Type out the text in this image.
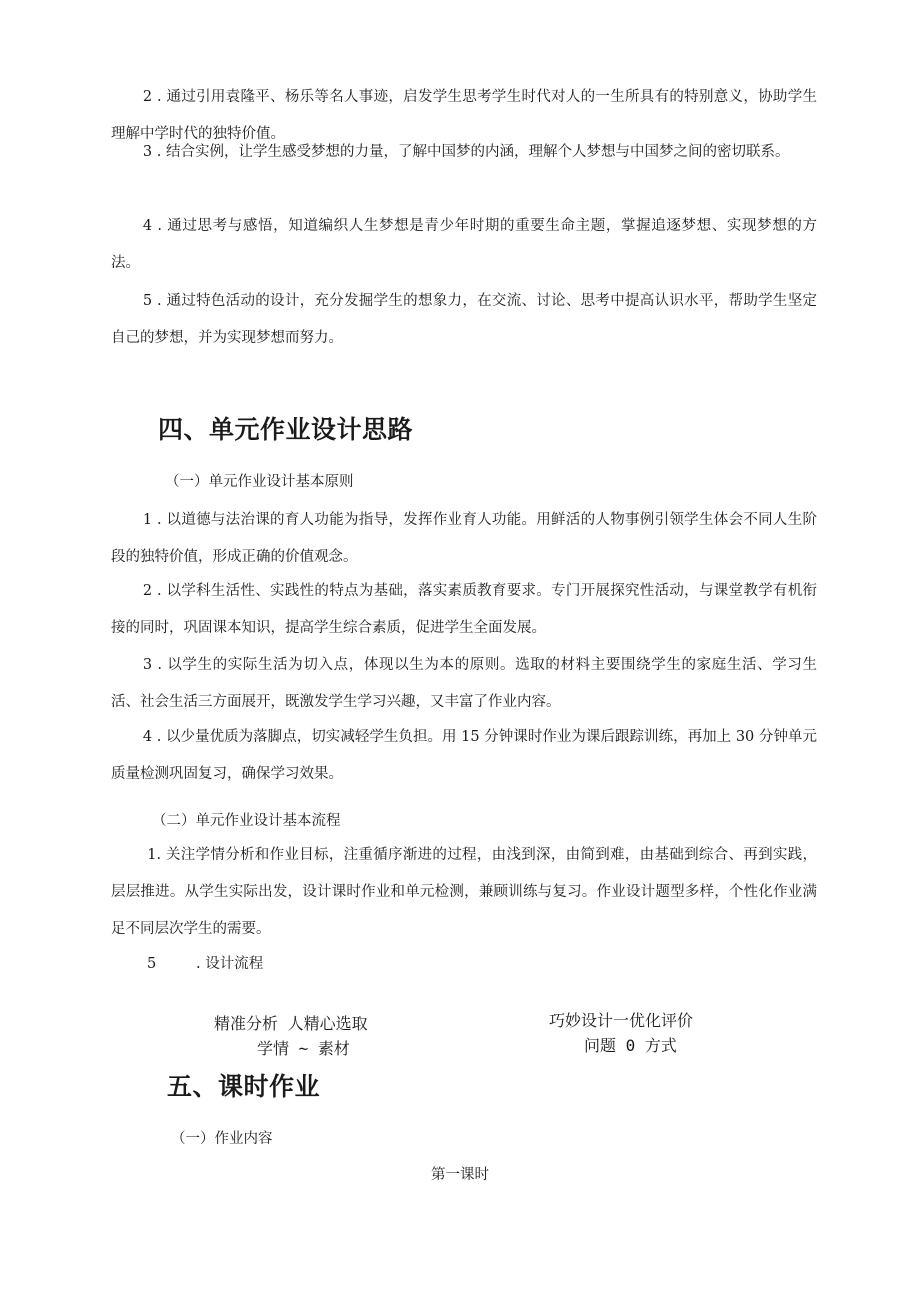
2 . 通过引用袁隆平、杨乐等名人事迹，启发学生思考学生时代对人的一生所具有的特别意义，协助学生理解中学时代的独特价值。

3 . 结合实例，让学生感受梦想的力量，了解中国梦的内涵，理解个人梦想与中国梦之间的密切联系。

4 . 通过思考与感悟，知道编织人生梦想是青少年时期的重要生命主题，掌握追逐梦想、实现梦想的方法。

5 . 通过特色活动的设计，充分发掘学生的想象力，在交流、讨论、思考中提高认识水平，帮助学生坚定自己的梦想，并为实现梦想而努力。

四、单元作业设计思路

（一）单元作业设计基本原则

1 . 以道德与法治课的育人功能为指导，发挥作业育人功能。用鲜活的人物事例引领学生体会不同人生阶段的独特价值，形成正确的价值观念。

2 . 以学科生活性、实践性的特点为基础，落实素质教育要求。专门开展探究性活动，与课堂教学有机衔接的同时，巩固课本知识，提高学生综合素质，促进学生全面发展。

3 . 以学生的实际生活为切入点，体现以生为本的原则。选取的材料主要围绕学生的家庭生活、学习生活、社会生活三方面展开，既激发学生学习兴趣，又丰富了作业内容。

4 . 以少量优质为落脚点，切实减轻学生负担。用 15 分钟课时作业为课后跟踪训练，再加上 30 分钟单元质量检测巩固复习，确保学习效果。

（二）单元作业设计基本流程

1. 关注学情分析和作业目标，注重循序渐进的过程，由浅到深，由简到难，由基础到综合、再到实践，层层推进。从学生实际出发，设计课时作业和单元检测，兼顾训练与复习。作业设计题型多样，个性化作业满足不同层次学生的需要。

5	. 设计流程

精准分析 人精心选取

学情 ~ 素材

巧妙设计一优化评价

问题 0 方式

五、课时作业

（一）作业内容

第一课时
